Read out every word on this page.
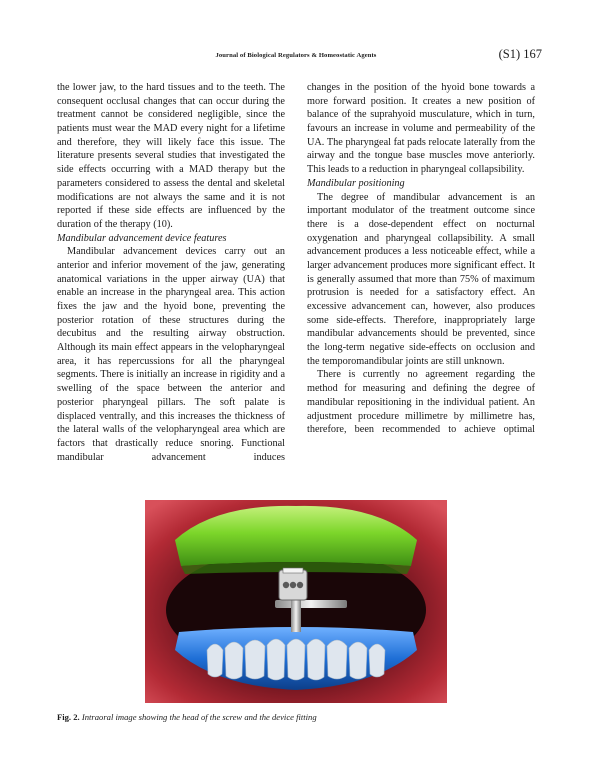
Journal of Biological Regulators & Homeostatic Agents	(S1) 167

the lower jaw, to the hard tissues and to the teeth. The consequent occlusal changes that can occur during the treatment cannot be considered negligible, since the patients must wear the MAD every night for a lifetime and therefore, they will likely face this issue. The literature presents several studies that investigated the side effects occurring with a MAD therapy but the parameters considered to assess the dental and skeletal modifications are not always the same and it is not reported if these side effects are influenced by the duration of the therapy (10).

Mandibular advancement device features

Mandibular advancement devices carry out an anterior and inferior movement of the jaw, generating anatomical variations in the upper airway (UA) that enable an increase in the pharyngeal area. This action fixes the jaw and the hyoid bone, preventing the posterior rotation of these structures during the decubitus and the resulting airway obstruction. Although its main effect appears in the velopharyngeal area, it has repercussions for all the pharyngeal segments. There is initially an increase in rigidity and a swelling of the space between the anterior and posterior pharyngeal pillars. The soft palate is displaced ventrally, and this increases the thickness of the lateral walls of the velopharyngeal area which are factors that drastically reduce snoring. Functional mandibular advancement induces

changes in the position of the hyoid bone towards a more forward position. It creates a new position of balance of the suprahyoid musculature, which in turn, favours an increase in volume and permeability of the UA. The pharyngeal fat pads relocate laterally from the airway and the tongue base muscles move anteriorly. This leads to a reduction in pharyngeal collapsibility.

Mandibular positioning

The degree of mandibular advancement is an important modulator of the treatment outcome since there is a dose-dependent effect on nocturnal oxygenation and pharyngeal collapsibility. A small advancement produces a less noticeable effect, while a larger advancement produces more significant effect. It is generally assumed that more than 75% of maximum protrusion is needed for a satisfactory effect. An excessive advancement can, however, also produces some side-effects. Therefore, inappropriately large mandibular advancements should be prevented, since the long-term negative side-effects on occlusion and the temporomandibular joints are still unknown.

There is currently no agreement regarding the method for measuring and defining the degree of mandibular repositioning in the individual patient. An adjustment procedure millimetre by millimetre has, therefore, been recommended to achieve optimal

Fig. 2. Intraoral image showing the head of the screw and the device fitting
